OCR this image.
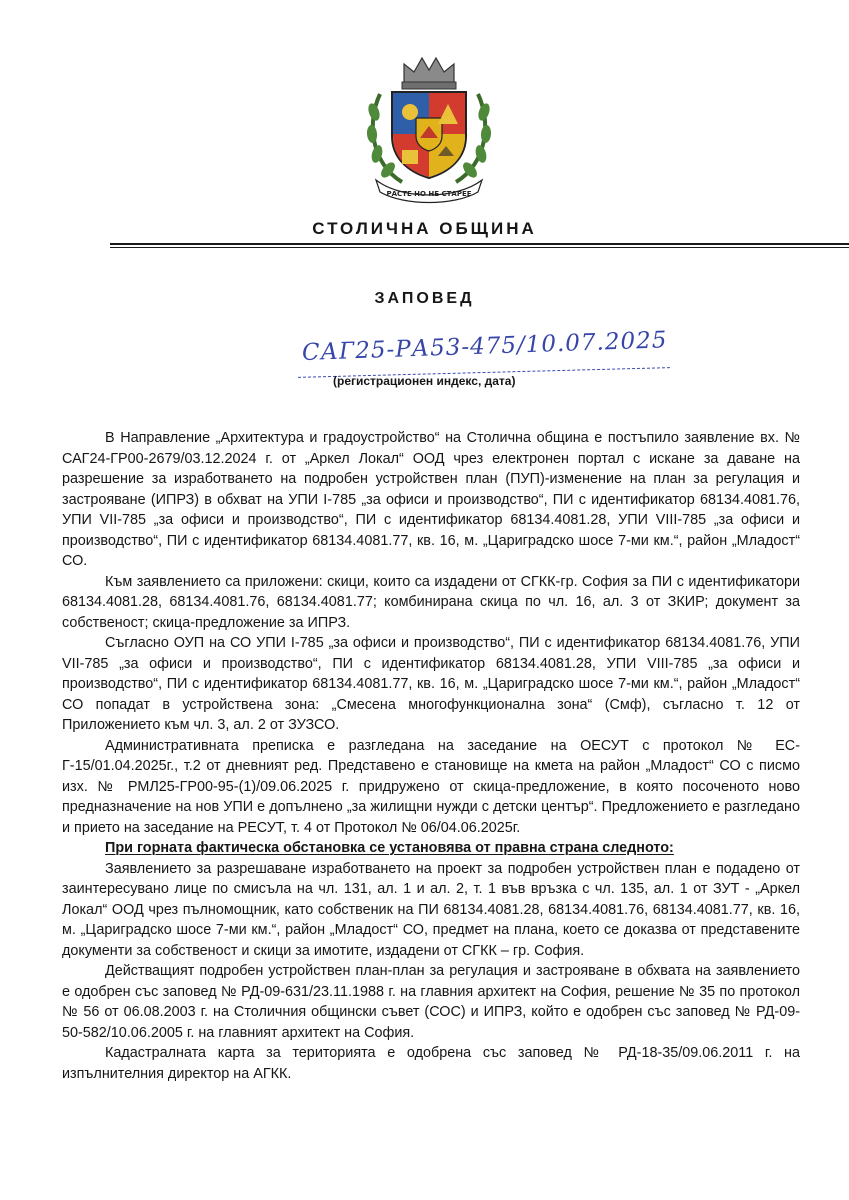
РАСТЕ НО НЕ СТАРЕЕ
СТОЛИЧНА ОБЩИНА
ЗАПОВЕД
САГ25-РА53-475/10.07.2025
(регистрационен индекс, дата)

В Направление „Архитектура и градоустройство“ на Столична община е постъпило заявление вх. № САГ24-ГР00-2679/03.12.2024 г. от „Аркел Локал“ ООД чрез електронен портал с искане за даване на разрешение за изработването на подробен устройствен план (ПУП)-изменение на план за регулация и застрояване (ИПРЗ) в обхват на УПИ I-785 „за офиси и производство“, ПИ с идентификатор 68134.4081.76, УПИ VII-785 „за офиси и производство“, ПИ с идентификатор 68134.4081.28, УПИ VIII-785 „за офиси и производство“, ПИ с идентификатор 68134.4081.77, кв. 16, м. „Цариградско шосе 7-ми км.“, район „Младост“ СО.

Към заявлението са приложени: скици, които са издадени от СГКК-гр. София за ПИ с идентификатори 68134.4081.28, 68134.4081.76, 68134.4081.77; комбинирана скица по чл. 16, ал. 3 от ЗКИР; документ за собственост; скица-предложение за ИПРЗ.

Съгласно ОУП на СО УПИ I-785 „за офиси и производство“, ПИ с идентификатор 68134.4081.76, УПИ VII-785 „за офиси и производство“, ПИ с идентификатор 68134.4081.28, УПИ VIII-785 „за офиси и производство“, ПИ с идентификатор 68134.4081.77, кв. 16, м. „Цариградско шосе 7-ми км.“, район „Младост“ СО попадат в устройствена зона: „Смесена многофункционална зона“ (Смф), съгласно т. 12 от Приложението към чл. 3, ал. 2 от ЗУЗСО.

Административната преписка е разгледана на заседание на ОЕСУТ с протокол № ЕС-Г-15/01.04.2025г., т.2 от дневният ред. Представено е становище на кмета на район „Младост“ СО с писмо изх. № РМЛ25-ГР00-95-(1)/09.06.2025 г. придружено от скица-предложение, в която посоченото ново предназначение на нов УПИ е допълнено „за жилищни нужди с детски център“. Предложението е разгледано и прието на заседание на РЕСУТ, т. 4 от Протокол № 06/04.06.2025г.

При горната фактическа обстановка се установява от правна страна следното:

Заявлението за разрешаване изработването на проект за подробен устройствен план е подадено от заинтересувано лице по смисъла на чл. 131, ал. 1 и ал. 2, т. 1 във връзка с чл. 135, ал. 1 от ЗУТ - „Аркел Локал“ ООД чрез пълномощник, като собственик на ПИ 68134.4081.28, 68134.4081.76, 68134.4081.77, кв. 16, м. „Цариградско шосе 7-ми км.“, район „Младост“ СО, предмет на плана, което се доказва от представените документи за собственост и скици за имотите, издадени от СГКК – гр. София.

Действащият подробен устройствен план-план за регулация и застрояване в обхвата на заявлението е одобрен със заповед № РД-09-631/23.11.1988 г. на главния архитект на София, решение № 35 по протокол № 56 от 06.08.2003 г. на Столичния общински съвет (СОС) и ИПРЗ, който е одобрен със заповед № РД-09-50-582/10.06.2005 г. на главният архитект на София.

Кадастралната карта за територията е одобрена със заповед № РД-18-35/09.06.2011 г. на изпълнителния директор на АГКК.
